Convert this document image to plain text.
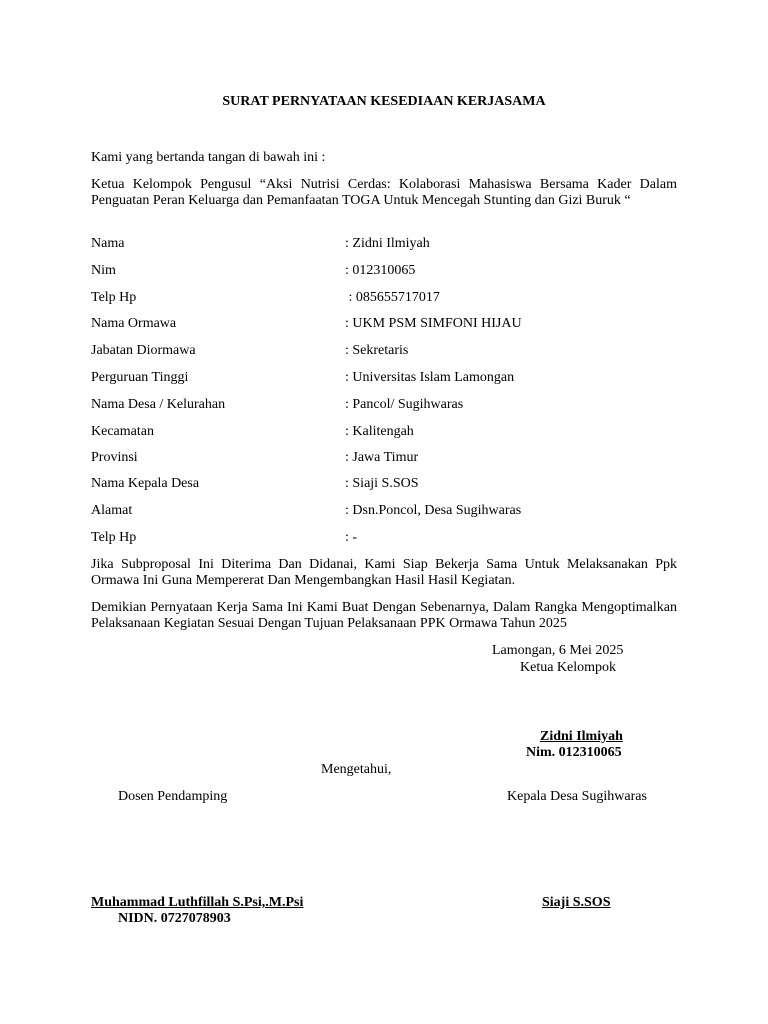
SURAT PERNYATAAN KESEDIAAN KERJASAMA
Kami yang bertanda tangan di bawah ini :
Ketua Kelompok Pengusul “Aksi Nutrisi Cerdas: Kolaborasi Mahasiswa Bersama Kader Dalam Penguatan Peran Keluarga dan Pemanfaatan TOGA Untuk Mencegah Stunting dan Gizi Buruk “
Nama	: Zidni Ilmiyah
Nim	: 012310065
Telp Hp	: 085655717017
Nama Ormawa	: UKM PSM SIMFONI HIJAU
Jabatan Diormawa	: Sekretaris
Perguruan Tinggi	: Universitas Islam Lamongan
Nama Desa / Kelurahan	: Pancol/ Sugihwaras
Kecamatan	: Kalitengah
Provinsi	: Jawa Timur
Nama Kepala Desa	: Siaji S.SOS
Alamat	: Dsn.Poncol, Desa Sugihwaras
Telp Hp	: -
Jika Subproposal Ini Diterima Dan Didanai, Kami Siap Bekerja Sama Untuk Melaksanakan Ppk Ormawa Ini Guna Mempererat Dan Mengembangkan Hasil Hasil Kegiatan.
Demikian Pernyataan Kerja Sama Ini Kami Buat Dengan Sebenarnya, Dalam Rangka Mengoptimalkan Pelaksanaan Kegiatan Sesuai Dengan Tujuan Pelaksanaan PPK Ormawa Tahun 2025
Lamongan, 6 Mei 2025
Ketua Kelompok
Zidni Ilmiyah
Nim. 012310065
Mengetahui,
Dosen Pendamping	Kepala Desa Sugihwaras
Muhammad Luthfillah S.Psi,.M.Psi
NIDN. 0727078903
Siaji S.SOS
